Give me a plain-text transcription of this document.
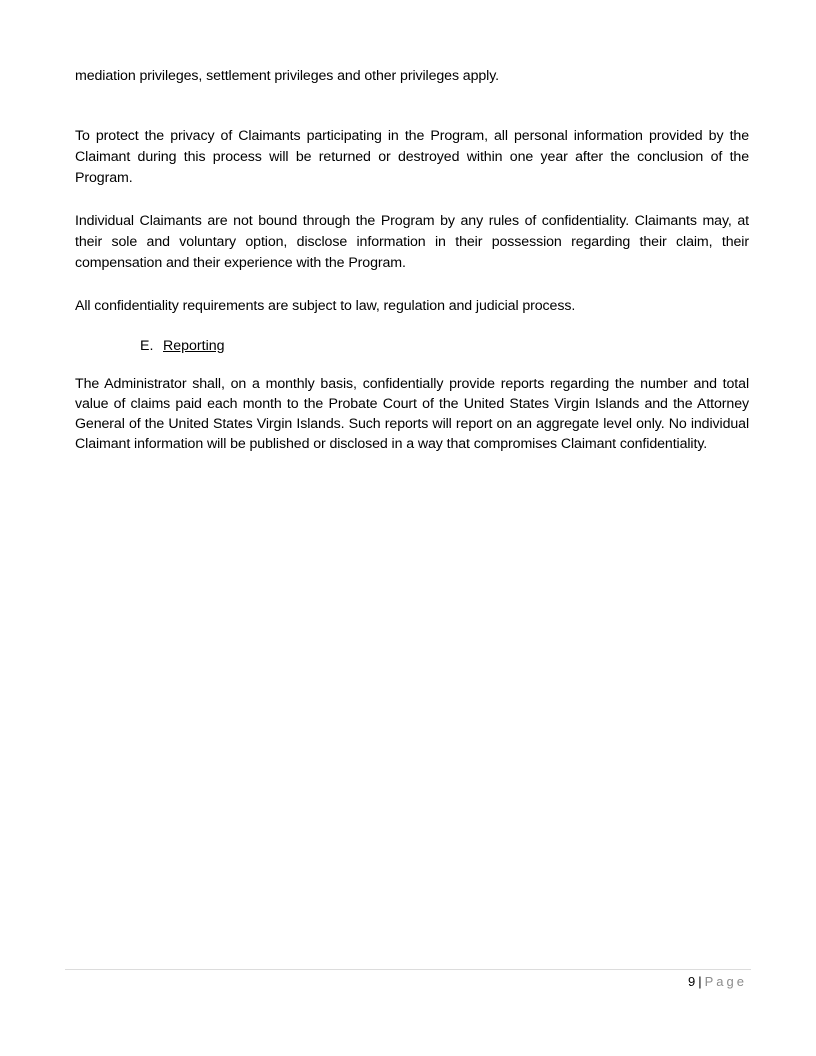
mediation privileges, settlement privileges and other privileges apply.

To protect the privacy of Claimants participating in the Program, all personal information provided by the Claimant during this process will be returned or destroyed within one year after the conclusion of the Program.

Individual Claimants are not bound through the Program by any rules of confidentiality. Claimants may, at their sole and voluntary option, disclose information in their possession regarding their claim, their compensation and their experience with the Program.

All confidentiality requirements are subject to law, regulation and judicial process.

E. Reporting

The Administrator shall, on a monthly basis, confidentially provide reports regarding the number and total value of claims paid each month to the Probate Court of the United States Virgin Islands and the Attorney General of the United States Virgin Islands. Such reports will report on an aggregate level only. No individual Claimant information will be published or disclosed in a way that compromises Claimant confidentiality.

9 | Page
